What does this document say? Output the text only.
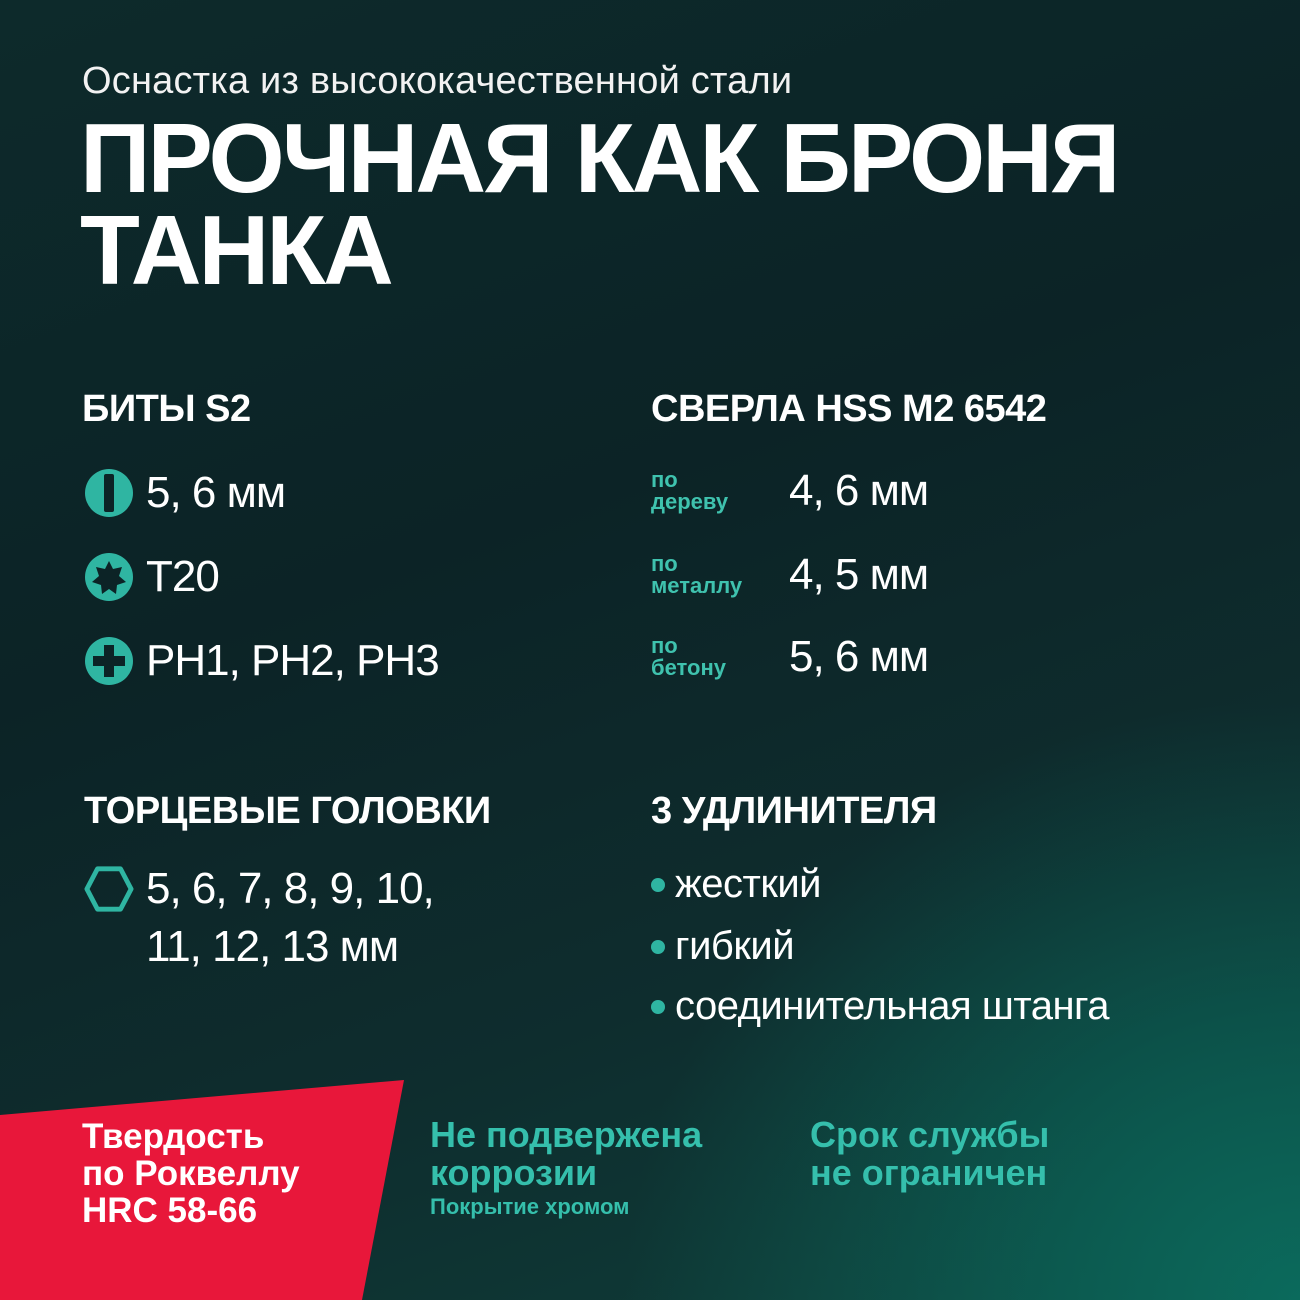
Оснастка из высококачественной стали
ПРОЧНАЯ КАК БРОНЯ
ТАНКА
БИТЫ S2
5, 6 мм
T20
PH1, PH2, PH3
СВЕРЛА HSS M2 6542
по
дереву	4, 6 мм
по
металлу	4, 5 мм
по
бетону	5, 6 мм
ТОРЦЕВЫЕ ГОЛОВКИ
5, 6, 7, 8, 9, 10,
11, 12, 13 мм
3 УДЛИНИТЕЛЯ
жесткий
гибкий
соединительная штанга
Твердость
по Роквеллу
HRC 58-66
Не подвержена
коррозии
Покрытие хромом
Срок службы
не ограничен
